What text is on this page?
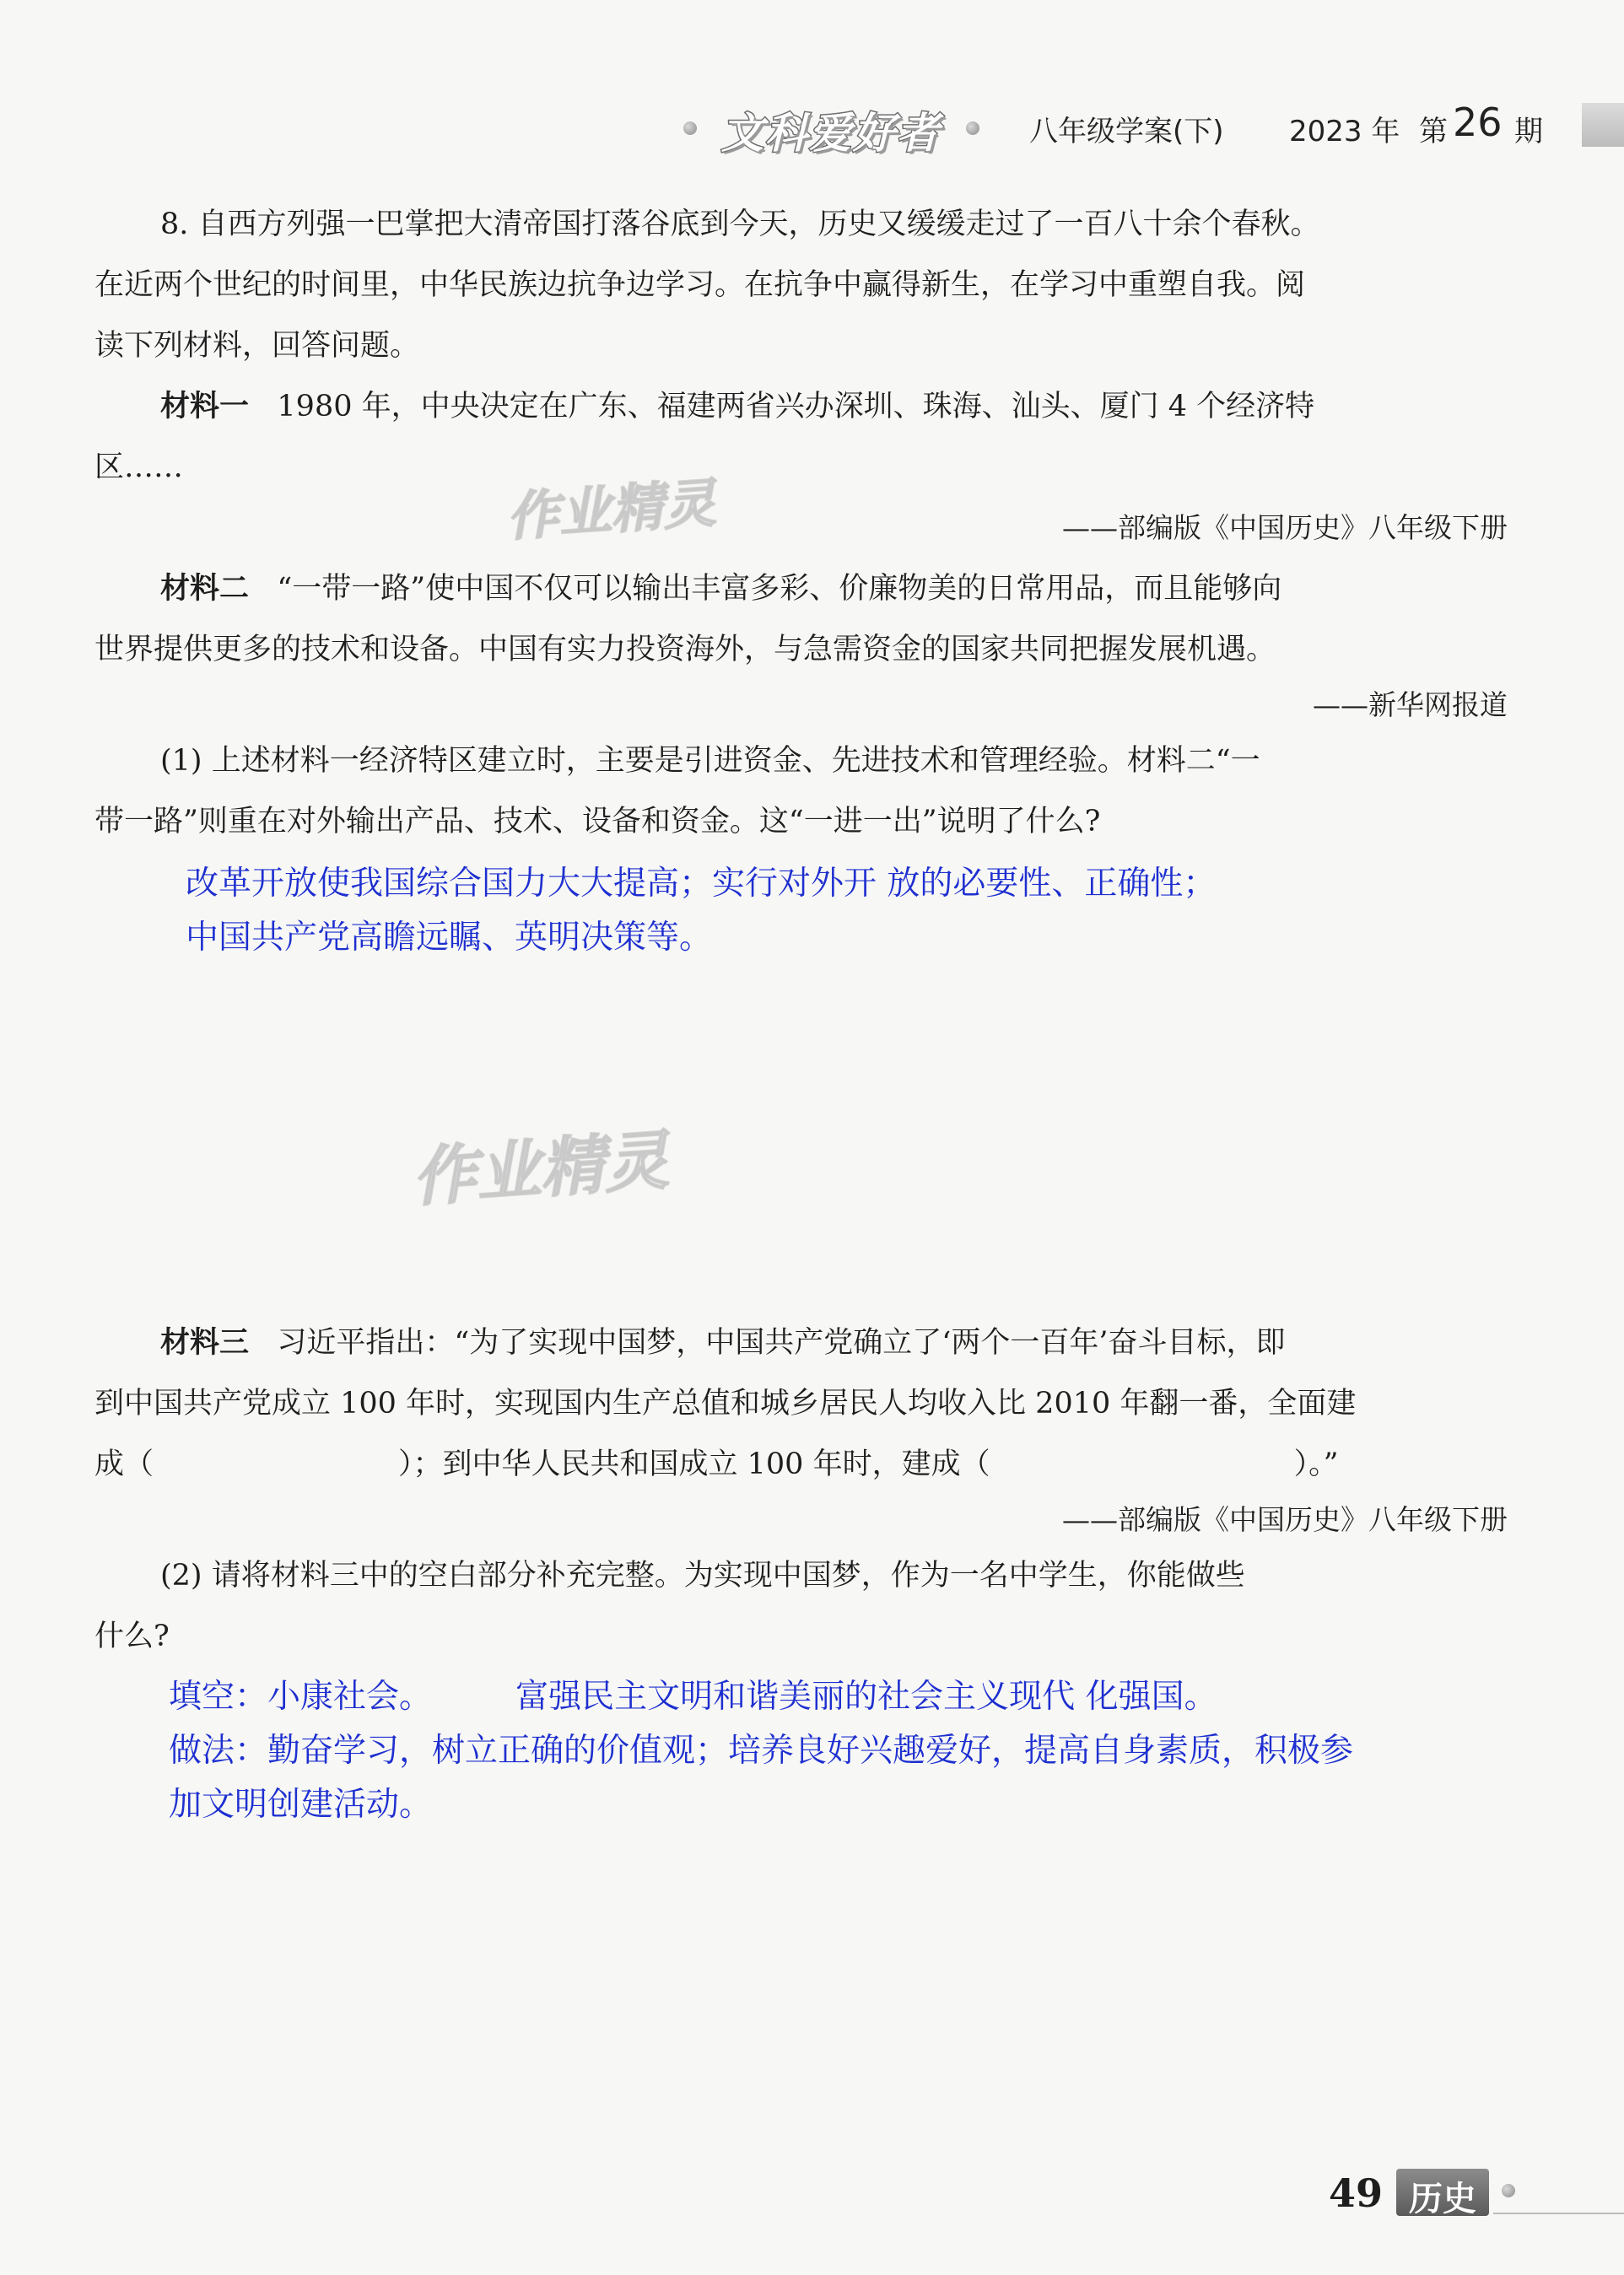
文科爱好者	八年级学案(下) 2023 年 第 26 期
作业精灵
作业精灵

8. 自西方列强一巴掌把大清帝国打落谷底到今天，历史又缓缓走过了一百八十余个春秋。

在近两个世纪的时间里，中华民族边抗争边学习。在抗争中赢得新生，在学习中重塑自我。阅

读下列材料，回答问题。

材料一 1980 年，中央决定在广东、福建两省兴办深圳、珠海、汕头、厦门 4 个经济特

区……

——部编版《中国历史》八年级下册

材料二 “一带一路”使中国不仅可以输出丰富多彩、价廉物美的日常用品，而且能够向

世界提供更多的技术和设备。中国有实力投资海外，与急需资金的国家共同把握发展机遇。

——新华网报道

(1) 上述材料一经济特区建立时，主要是引进资金、先进技术和管理经验。材料二“一

带一路”则重在对外输出产品、技术、设备和资金。这“一进一出”说明了什么?

改革开放使我国综合国力大大提高；实行对外开 放的必要性、正确性；

中国共产党高瞻远瞩、英明决策等。

材料三 习近平指出：“为了实现中国梦，中国共产党确立了‘两个一百年’奋斗目标，即

到中国共产党成立 100 年时，实现国内生产总值和城乡居民人均收入比 2010 年翻一番，全面建

成（	）；到中华人民共和国成立 100 年时，建成（	）。”

——部编版《中国历史》八年级下册

(2) 请将材料三中的空白部分补充完整。为实现中国梦，作为一名中学生，你能做些

什么?

填空：小康社会。        富强民主文明和谐美丽的社会主义现代 化强国。

做法：勤奋学习，树立正确的价值观；培养良好兴趣爱好，提高自身素质，积极参

加文明创建活动。

49 历史
